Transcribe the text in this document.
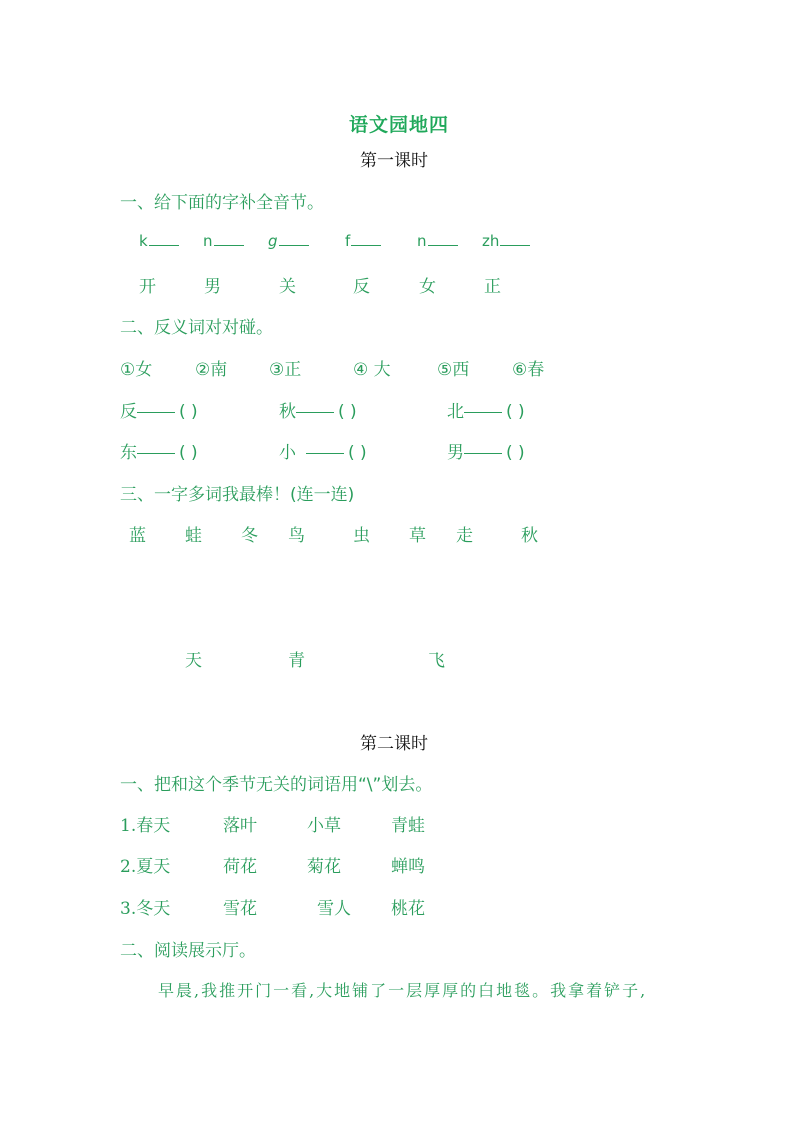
语文园地四
第一课时
一、给下面的字补全音节。
k	n	g	f	n	zh
开	男	关	反	女	正
二、反义词对对碰。
①女	②南 ③正	④ 大	⑤西	⑥春
反 ( )	秋 ( )	北 ( )
东 ( )	小	( )	男 ( )
三、一字多词我最棒！(连一连)
蓝 蛙 冬 鸟	虫 草 走	秋
天	青	飞
第二课时
一、把和这个季节无关的词语用“\”划去。
1.春天	落叶	小草	青蛙
2.夏天	荷花	菊花	蝉鸣
3.冬天	雪花	雪人 桃花
二、阅读展示厅。
早晨,我推开门一看,大地铺了一层厚厚的白地毯。我拿着铲子,
